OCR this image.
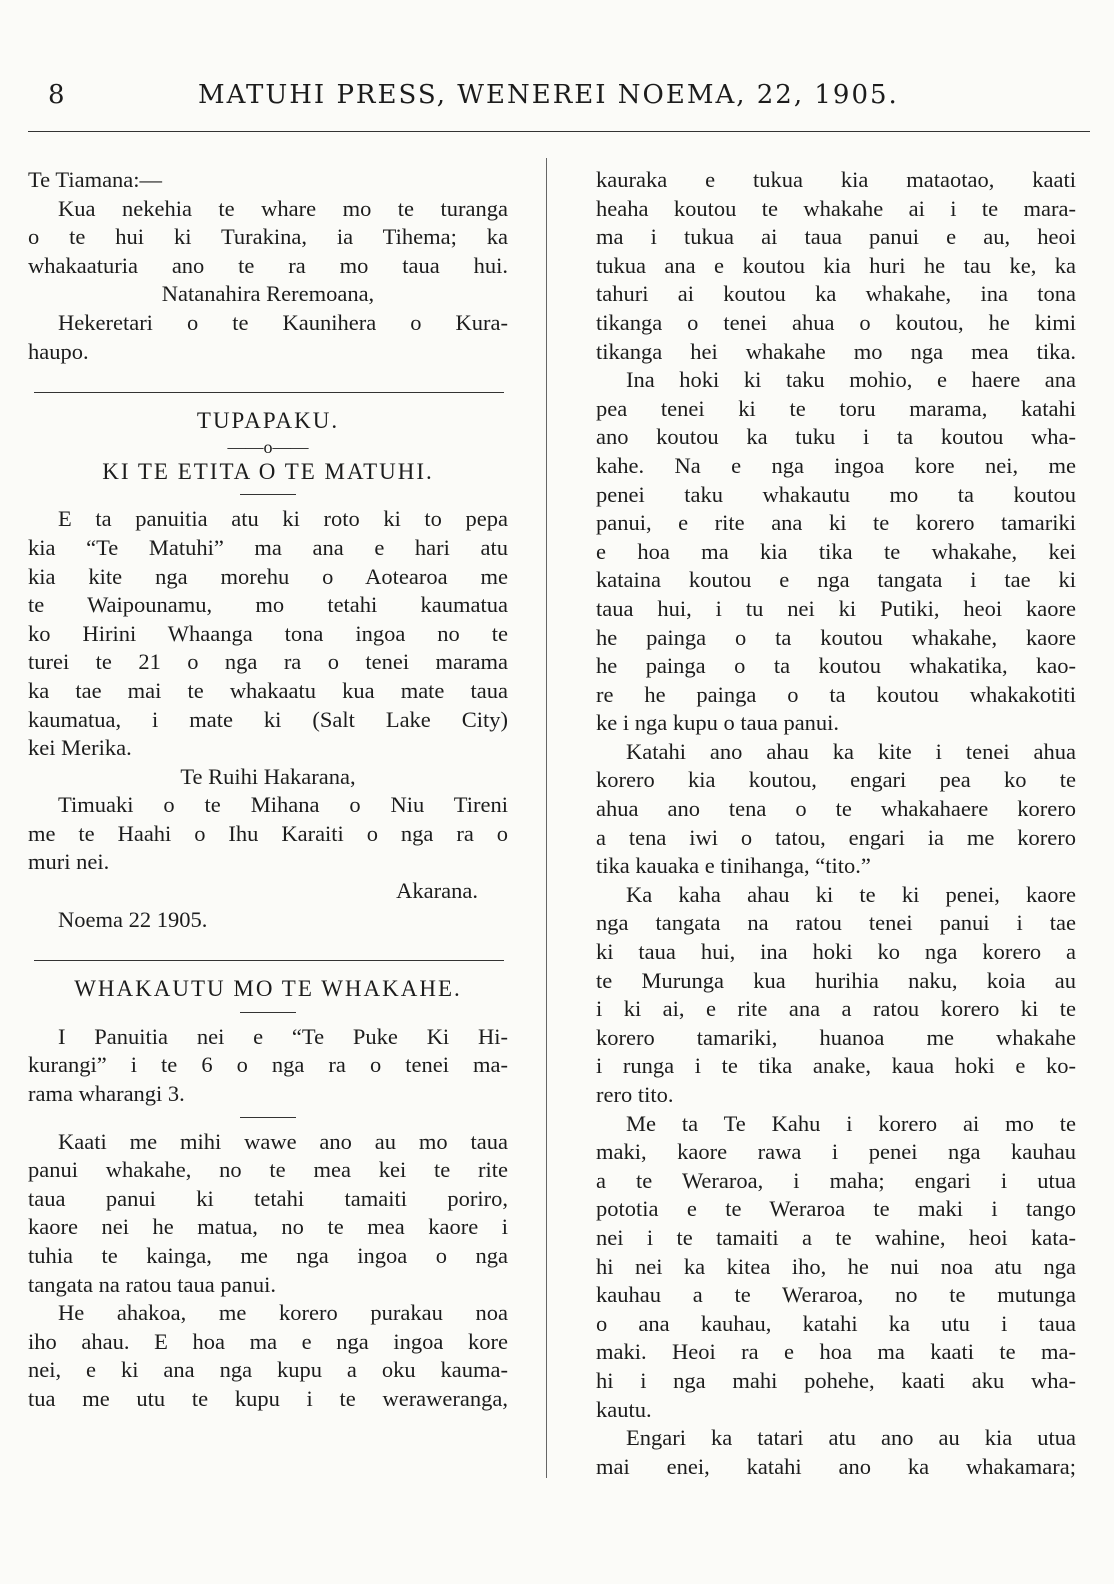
8	MATUHI PRESS, WENEREI NOEMA, 22, 1905.
Te Tiamana:—
Kua nekehia te whare mo te turanga
o te hui ki Turakina, ia Tihema; ka
whakaaturia ano te ra mo taua hui.
Natanahira Reremoana,
Hekeretari o te Kaunihera o Kura-
haupo.
TUPAPAKU.
——o——
KI TE ETITA O TE MATUHI.
E ta panuitia atu ki roto ki to pepa
kia “Te Matuhi” ma ana e hari atu
kia kite nga morehu o Aotearoa me
te Waipounamu, mo tetahi kaumatua
ko Hirini Whaanga tona ingoa no te
turei te 21 o nga ra o tenei marama
ka tae mai te whakaatu kua mate taua
kaumatua, i mate ki (Salt Lake City)
kei Merika.
Te Ruihi Hakarana,
Timuaki o te Mihana o Niu Tireni
me te Haahi o Ihu Karaiti o nga ra o
muri nei.
Akarana.
Noema 22 1905.
WHAKAUTU MO TE WHAKAHE.
I Panuitia nei e “Te Puke Ki Hi-
kurangi” i te 6 o nga ra o tenei ma-
rama wharangi 3.
Kaati me mihi wawe ano au mo taua
panui whakahe, no te mea kei te rite
taua panui ki tetahi tamaiti poriro,
kaore nei he matua, no te mea kaore i
tuhia te kainga, me nga ingoa o nga
tangata na ratou taua panui.
He ahakoa, me korero purakau noa
iho ahau. E hoa ma e nga ingoa kore
nei, e ki ana nga kupu a oku kauma-
tua me utu te kupu i te weraweranga,
kauraka e tukua kia mataotao, kaati
heaha koutou te whakahe ai i te mara-
ma i tukua ai taua panui e au, heoi
tukua ana e koutou kia huri he tau ke, ka
tahuri ai koutou ka whakahe, ina tona
tikanga o tenei ahua o koutou, he kimi
tikanga hei whakahe mo nga mea tika.
Ina hoki ki taku mohio, e haere ana
pea tenei ki te toru marama, katahi
ano koutou ka tuku i ta koutou wha-
kahe. Na e nga ingoa kore nei, me
penei taku whakautu mo ta koutou
panui, e rite ana ki te korero tamariki
e hoa ma kia tika te whakahe, kei
kataina koutou e nga tangata i tae ki
taua hui, i tu nei ki Putiki, heoi kaore
he painga o ta koutou whakahe, kaore
he painga o ta koutou whakatika, kao-
re he painga o ta koutou whakakotiti
ke i nga kupu o taua panui.
Katahi ano ahau ka kite i tenei ahua
korero kia koutou, engari pea ko te
ahua ano tena o te whakahaere korero
a tena iwi o tatou, engari ia me korero
tika kauaka e tinihanga, “tito.”
Ka kaha ahau ki te ki penei, kaore
nga tangata na ratou tenei panui i tae
ki taua hui, ina hoki ko nga korero a
te Murunga kua hurihia naku, koia au
i ki ai, e rite ana a ratou korero ki te
korero tamariki, huanoa me whakahe
i runga i te tika anake, kaua hoki e ko-
rero tito.
Me ta Te Kahu i korero ai mo te
maki, kaore rawa i penei nga kauhau
a te Weraroa, i maha; engari i utua
pototia e te Weraroa te maki i tango
nei i te tamaiti a te wahine, heoi kata-
hi nei ka kitea iho, he nui noa atu nga
kauhau a te Weraroa, no te mutunga
o ana kauhau, katahi ka utu i taua
maki. Heoi ra e hoa ma kaati te ma-
hi i nga mahi pohehe, kaati aku wha-
kautu.
Engari ka tatari atu ano au kia utua
mai enei, katahi ano ka whakamara;
